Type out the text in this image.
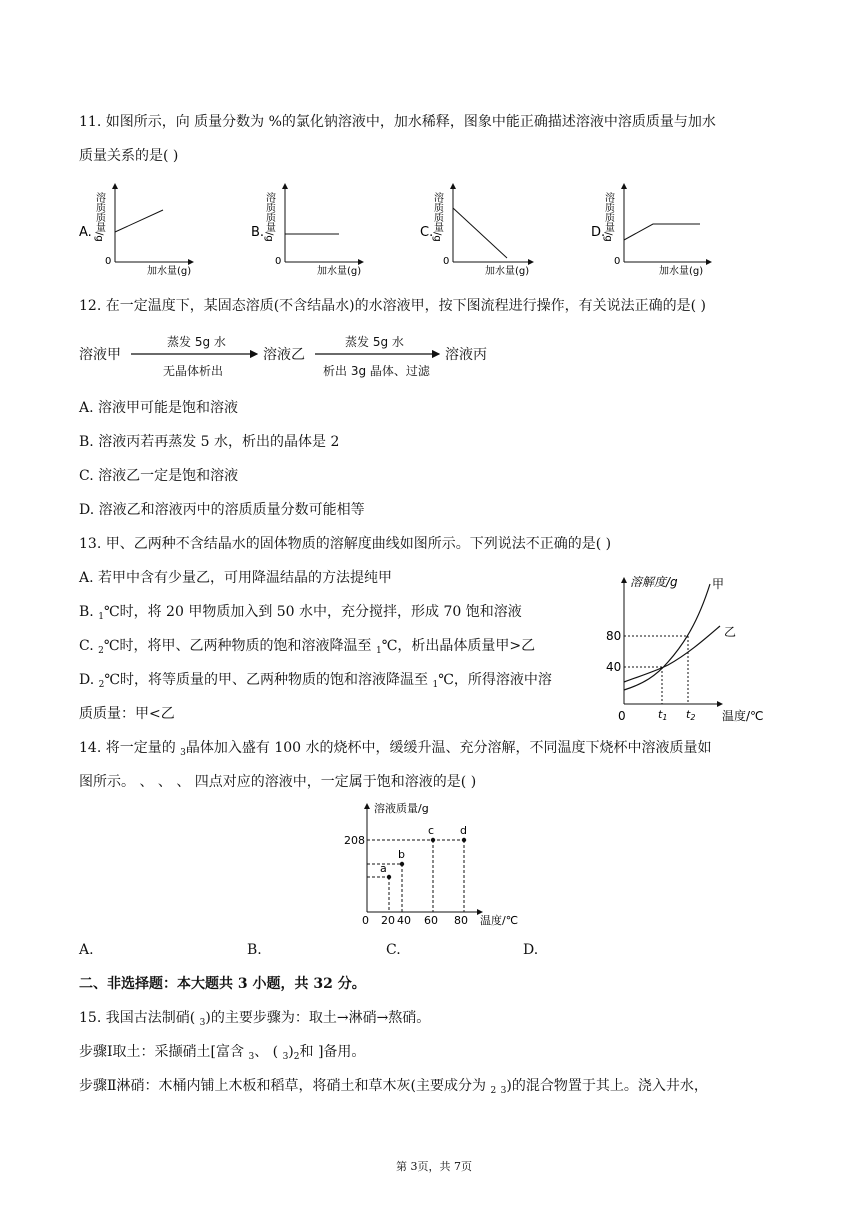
11. 如图所示，向 质量分数为 %的氯化钠溶液中，加水稀释，图象中能正确描述溶液中溶质质量与加水
质量关系的是( )
A. 溶质质量/g
0
加水量(g)
B. 溶质质量/g
0
加水量(g)
C.
溶质质量/g
0
加水量(g)
D.
溶质质量/g
0
加水量(g)
12. 在一定温度下，某固态溶质(不含结晶水)的水溶液甲，按下图流程进行操作，有关说法正确的是( )
溶液甲
蒸发 5g 水
无晶体析出
溶液乙
蒸发 5g 水
析出 3g 晶体、过滤
溶液丙
A. 溶液甲可能是饱和溶液
B. 溶液丙若再蒸发 5 水，析出的晶体是 2
C. 溶液乙一定是饱和溶液
D. 溶液乙和溶液丙中的溶质质量分数可能相等
13. 甲、乙两种不含结晶水的固体物质的溶解度曲线如图所示。下列说法不正确的是( )
A. 若甲中含有少量乙，可用降温结晶的方法提纯甲
B. $_1$℃时，将 20 甲物质加入到 50 水中，充分搅拌，形成 70 饱和溶液
C. $_2$℃时，将甲、乙两种物质的饱和溶液降温至 $_1$℃，析出晶体质量甲>乙
D. $_2$℃时，将等质量的甲、乙两种物质的饱和溶液降温至 $_1$℃，所得溶液中溶
质质量：甲<乙
溶解度/g
温度/℃
80
40
0	t1 t2
甲
乙
14. 将一定量的 $_3$晶体加入盛有 100 水的烧杯中，缓缓升温、充分溶解，不同温度下烧杯中溶液质量如
图所示。 、 、 、 四点对应的溶液中，一定属于饱和溶液的是( )
溶液质量/g
温度/℃
208
0 20 40 60 80
a
b
c d
A.	B.	C.	D.
二、非选择题：本大题共 3 小题，共 32 分。
15. 我国古法制硝( $_3$)的主要步骤为：取土→淋硝→熬硝。
步骤Ⅰ取土：采撷硝土[富含 $_3$、 ( $_3)_2$和 ]备用。
步骤Ⅱ淋硝：木桶内铺上木板和稻草，将硝土和草木灰(主要成分为 $_2$ $_3$)的混合物置于其上。浇入井水，
第 3页，共 7页
